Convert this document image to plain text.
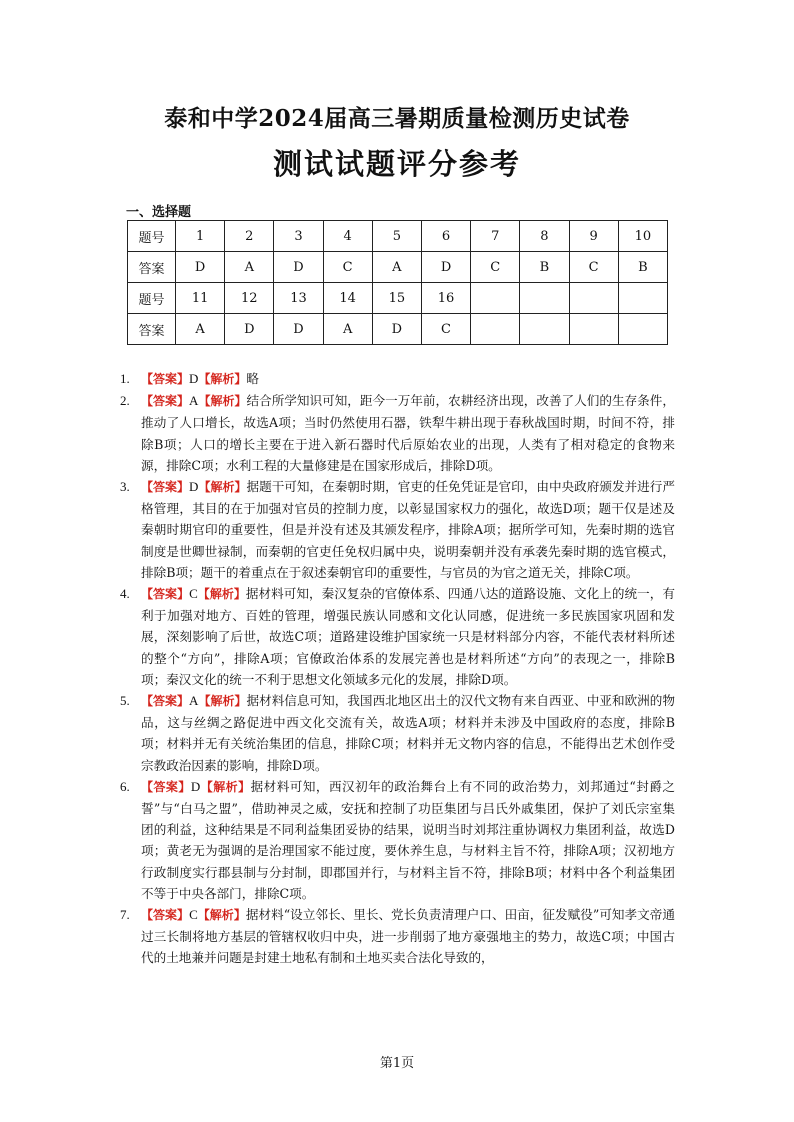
泰和中学2024届高三暑期质量检测历史试卷
测试试题评分参考
一、选择题
题号	1	2	3	4	5	6	7	8	9	10
答案	D	A	D	C	A	D	C	B	C	B
题号	11	12	13	14	15	16				
答案	A	D	D	A	D	C				
1. 【答案】D【解析】略
2. 【答案】A【解析】结合所学知识可知，距今一万年前，农耕经济出现，改善了人们的生存条件，推动了人口增长，故选A项；当时仍然使用石器，铁犁牛耕出现于春秋战国时期，时间不符，排除B项；人口的增长主要在于进入新石器时代后原始农业的出现，人类有了相对稳定的食物来源，排除C项；水利工程的大量修建是在国家形成后，排除D项。
3. 【答案】D【解析】据题干可知，在秦朝时期，官吏的任免凭证是官印，由中央政府颁发并进行严格管理，其目的在于加强对官员的控制力度，以彰显国家权力的强化，故选D项；题干仅是述及秦朝时期官印的重要性，但是并没有述及其颁发程序，排除A项；据所学可知，先秦时期的选官制度是世卿世禄制，而秦朝的官吏任免权归属中央，说明秦朝并没有承袭先秦时期的选官模式，排除B项；题干的着重点在于叙述秦朝官印的重要性，与官员的为官之道无关，排除C项。
4. 【答案】C【解析】据材料可知，秦汉复杂的官僚体系、四通八达的道路设施、文化上的统一，有利于加强对地方、百姓的管理，增强民族认同感和文化认同感，促进统一多民族国家巩固和发展，深刻影响了后世，故选C项；道路建设维护国家统一只是材料部分内容，不能代表材料所述的整个“方向”，排除A项；官僚政治体系的发展完善也是材料所述“方向”的表现之一，排除B项；秦汉文化的统一不利于思想文化领域多元化的发展，排除D项。
5. 【答案】A【解析】据材料信息可知，我国西北地区出土的汉代文物有来自西亚、中亚和欧洲的物品，这与丝绸之路促进中西文化交流有关，故选A项；材料并未涉及中国政府的态度，排除B项；材料并无有关统治集团的信息，排除C项；材料并无文物内容的信息，不能得出艺术创作受宗教政治因素的影响，排除D项。
6. 【答案】D【解析】据材料可知，西汉初年的政治舞台上有不同的政治势力，刘邦通过“封爵之誓”与“白马之盟”，借助神灵之威，安抚和控制了功臣集团与吕氏外戚集团，保护了刘氏宗室集团的利益，这种结果是不同利益集团妥协的结果，说明当时刘邦注重协调权力集团利益，故选D项；黄老无为强调的是治理国家不能过度，要休养生息，与材料主旨不符，排除A项；汉初地方行政制度实行郡县制与分封制，即郡国并行，与材料主旨不符，排除B项；材料中各个利益集团不等于中央各部门，排除C项。
7. 【答案】C【解析】据材料“设立邻长、里长、党长负责清理户口、田亩，征发赋役”可知孝文帝通过三长制将地方基层的管辖权收归中央，进一步削弱了地方豪强地主的势力，故选C项；中国古代的土地兼并问题是封建土地私有制和土地买卖合法化导致的，
第1页
